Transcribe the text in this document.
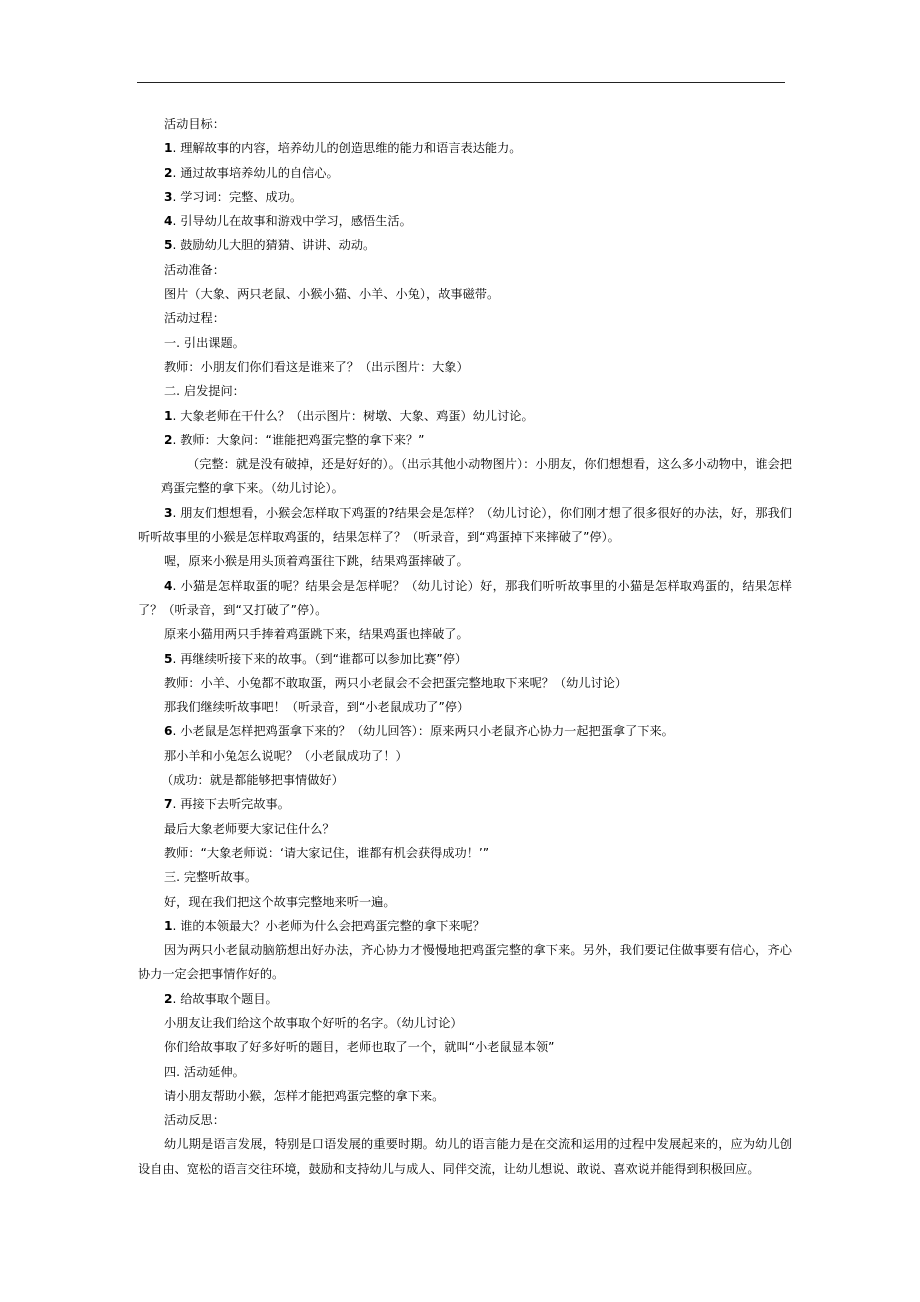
活动目标：

1. 理解故事的内容，培养幼儿的创造思维的能力和语言表达能力。

2. 通过故事培养幼儿的自信心。

3. 学习词：完整、成功。

4. 引导幼儿在故事和游戏中学习，感悟生活。

5. 鼓励幼儿大胆的猜猜、讲讲、动动。

活动准备：

图片（大象、两只老鼠、小猴小猫、小羊、小兔），故事磁带。

活动过程：

一. 引出课题。

教师：小朋友们你们看这是谁来了？（出示图片：大象）

二. 启发提问：

1. 大象老师在干什么？（出示图片：树墩、大象、鸡蛋）幼儿讨论。

2. 教师：大象问：“谁能把鸡蛋完整的拿下来？”

（完整：就是没有破掉，还是好好的）。（出示其他小动物图片）：小朋友，你们想想看，这么多小动物中，谁会把鸡蛋完整的拿下来。（幼儿讨论）。

3. 朋友们想想看，小猴会怎样取下鸡蛋的?结果会是怎样？（幼儿讨论），你们刚才想了很多很好的办法，好，那我们听听故事里的小猴是怎样取鸡蛋的，结果怎样了？（听录音，到“鸡蛋掉下来摔破了”停）。

喔，原来小猴是用头顶着鸡蛋往下跳，结果鸡蛋摔破了。

4. 小猫是怎样取蛋的呢？结果会是怎样呢？（幼儿讨论）好，那我们听听故事里的小猫是怎样取鸡蛋的，结果怎样了？（听录音，到“又打破了”停）。

原来小猫用两只手捧着鸡蛋跳下来，结果鸡蛋也摔破了。

5. 再继续听接下来的故事。（到“谁都可以参加比赛”停）

教师：小羊、小兔都不敢取蛋，两只小老鼠会不会把蛋完整地取下来呢？（幼儿讨论）

那我们继续听故事吧！（听录音，到“小老鼠成功了”停）

6. 小老鼠是怎样把鸡蛋拿下来的？（幼儿回答）：原来两只小老鼠齐心协力一起把蛋拿了下来。

那小羊和小兔怎么说呢？（小老鼠成功了！）

（成功：就是都能够把事情做好）

7. 再接下去听完故事。

最后大象老师要大家记住什么？

教师：“大象老师说：‘请大家记住，谁都有机会获得成功！’”

三. 完整听故事。

好，现在我们把这个故事完整地来听一遍。

1. 谁的本领最大？小老师为什么会把鸡蛋完整的拿下来呢？

因为两只小老鼠动脑筋想出好办法，齐心协力才慢慢地把鸡蛋完整的拿下来。另外，我们要记住做事要有信心，齐心协力一定会把事情作好的。

2. 给故事取个题目。

小朋友让我们给这个故事取个好听的名字。（幼儿讨论）

你们给故事取了好多好听的题目，老师也取了一个，就叫“小老鼠显本领”

四. 活动延伸。

请小朋友帮助小猴，怎样才能把鸡蛋完整的拿下来。

活动反思：

幼儿期是语言发展，特别是口语发展的重要时期。幼儿的语言能力是在交流和运用的过程中发展起来的，应为幼儿创设自由、宽松的语言交往环境，鼓励和支持幼儿与成人、同伴交流，让幼儿想说、敢说、喜欢说并能得到积极回应。
